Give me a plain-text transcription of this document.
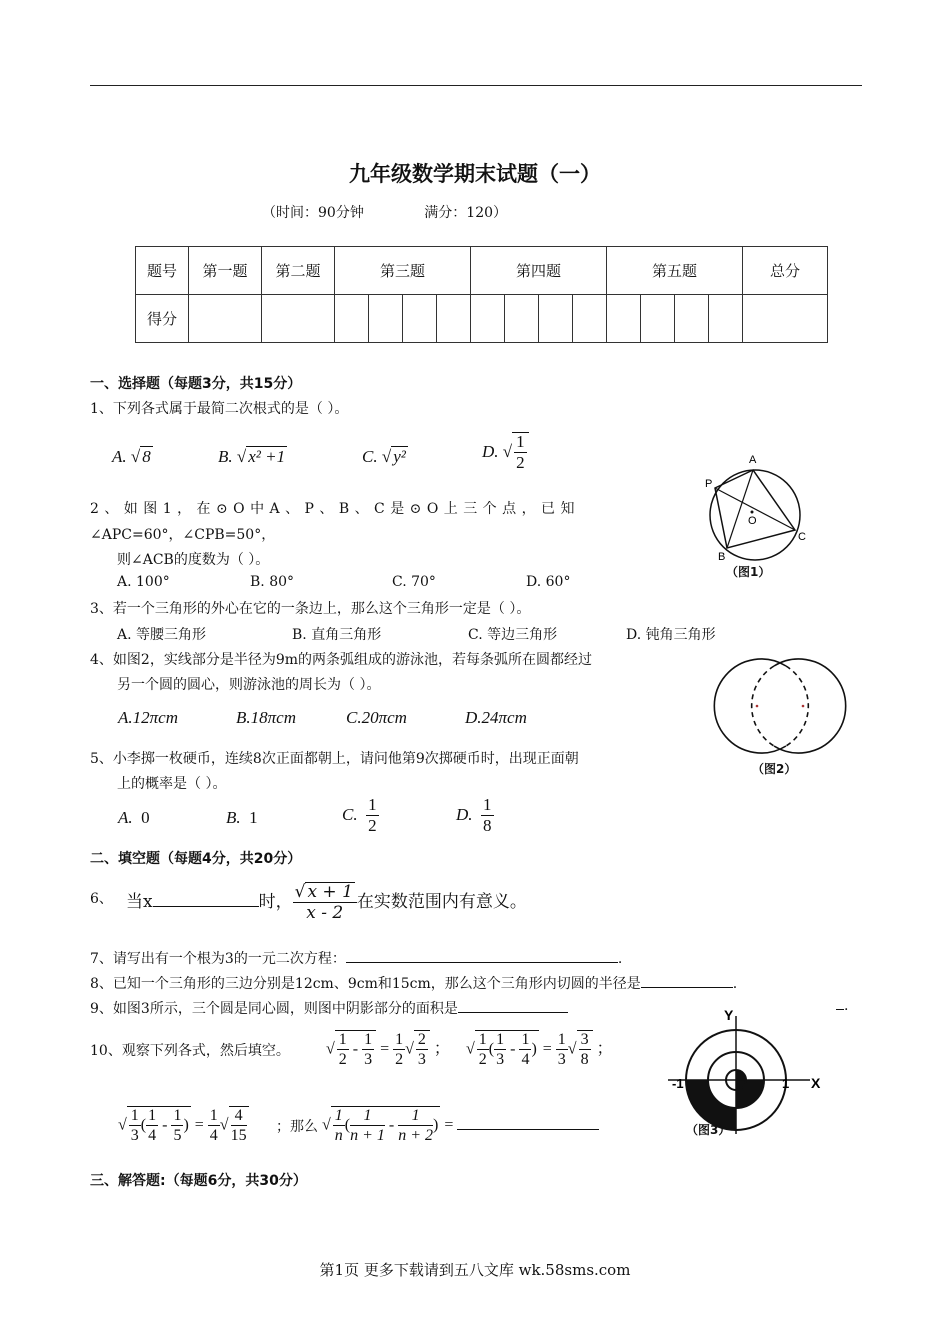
九年级数学期末试题（一）
（时间：90分钟	满分：120）
题号	第一题	第二题	第三题				第四题				第五题				总分
得分															
一、选择题（每题3分，共15分）
1、下列各式属于最简二次根式的是（ ）。
A. √ 8	B. √ x² +1	C. √ y²	D. √ $\frac{1}{2}$
2 、 如 图 1 ， 在 ⊙ O 中 A 、 P 、 B 、 C 是 ⊙ O 上 三 个 点 ， 已 知
∠APC=60°，∠CPB=50°，
则∠ACB的度数为（ ）。
A. 100°	B. 80°	C. 70°	D. 60°
A
P
O
B
C
（图1）
3、若一个三角形的外心在它的一条边上，那么这个三角形一定是（ ）。
A. 等腰三角形	B. 直角三角形	C. 等边三角形	D. 钝角三角形
4、如图2，实线部分是半径为9m的两条弧组成的游泳池，若每条弧所在圆都经过
另一个圆的圆心，则游泳池的周长为（ ）。
A.12πcm	B.18πcm	C.20πcm	D.24πcm
（图2）
5、小李掷一枚硬币，连续8次正面都朝上，请问他第9次掷硬币时，出现正面朝
上的概率是（ ）。
A. 0	B. 1	C. $\frac{1}{2}$	D. $\frac{1}{8}$
二、填空题（每题4分，共20分）
6、 当x	时， $\frac{√ x + 1}{x - 2}$ 在实数范围内有意义。
7、请写出有一个根为3的一元二次方程：	.
8、已知一个三角形的三边分别是12cm、9cm和15cm，那么这个三角形内切圆的半径是	.
9、如图3所示，三个圆是同心圆，则图中阴影部分的面积是	.
10、观察下列各式，然后填空。 √ $\frac{1}{2} - \frac{1}{3} = \frac{1}{2}$ √ $\frac{2}{3}$ ； √ $\frac{1}{2}$ ( $\frac{1}{3} - \frac{1}{4}$ ) = $\frac{1}{3}$ √ $\frac{3}{8}$ ；
√ $\frac{1}{3}$ ( $\frac{1}{4} - \frac{1}{5}$ ) = $\frac{1}{4}$ √ $\frac{4}{15}$ ；那么 √ $\frac{1}{n}$ ( $\frac{1}{n + 1} - \frac{1}{n + 2}$ ) =
Y
X
-1	1
（图3）
三、解答题:（每题6分，共30分）
第1页 更多下载请到五八文库 wk.58sms.com
